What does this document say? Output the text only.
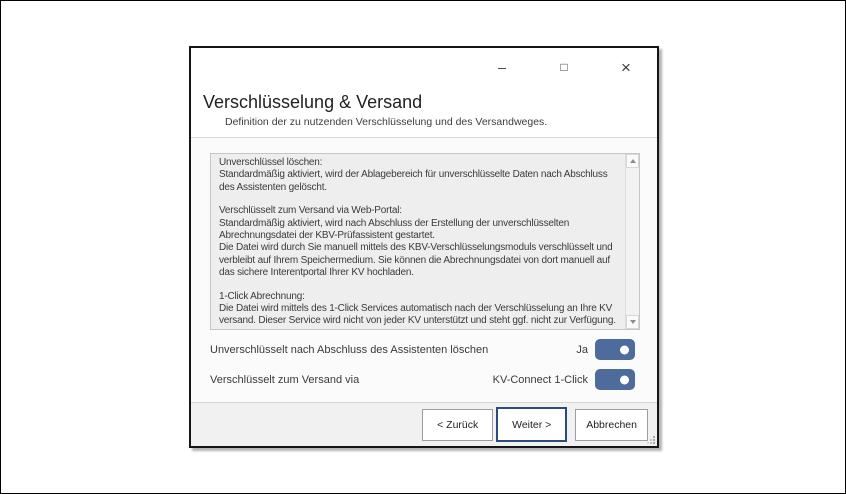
–	□	×
Verschlüsselung & Versand
Definition der zu nutzenden Verschlüsselung und des Versandweges.
Unverschlüssel löschen:
Standardmäßig aktiviert, wird der Ablagebereich für unverschlüsselte Daten nach Abschluss des Assistenten gelöscht.
Verschlüsselt zum Versand via Web-Portal:
Standardmäßig aktiviert, wird nach Abschluss der Erstellung der unverschlüsselten Abrechnungsdatei der KBV-Prüfassistent gestartet.
Die Datei wird durch Sie manuell mittels des KBV-Verschlüsselungsmoduls verschlüsselt und verbleibt auf Ihrem Speichermedium. Sie können die Abrechnungsdatei von dort manuell auf das sichere Interentportal Ihrer KV hochladen.
1-Click Abrechnung:
Die Datei wird mittels des 1-Click Services automatisch nach der Verschlüsselung an Ihre KV versand. Dieser Service wird nicht von jeder KV unterstützt und steht ggf. nicht zur Verfügung.
Unverschlüsselt nach Abschluss des Assistenten löschen	Ja
Verschlüsselt zum Versand via	KV-Connect 1-Click
< Zurück	Weiter >	Abbrechen
